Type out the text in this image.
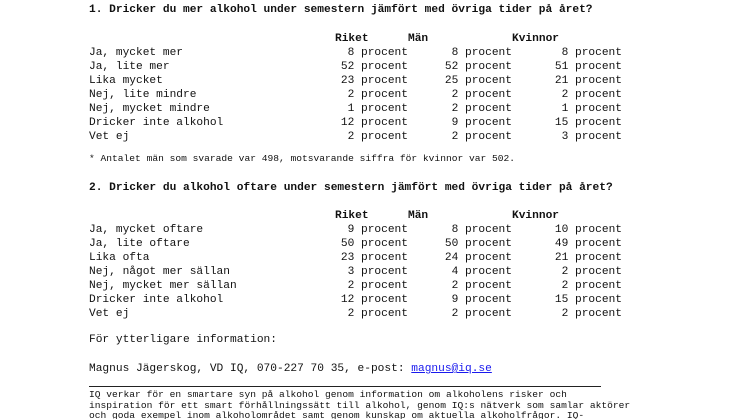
1. Dricker du mer alkohol under semestern jämfört med övriga tider på året?

	Riket	Män	Kvinnor
Ja, mycket mer	8 procent	8 procent	8 procent
Ja, lite mer	52 procent	52 procent	51 procent
Lika mycket	23 procent	25 procent	21 procent
Nej, lite mindre	2 procent	2 procent	2 procent
Nej, mycket mindre	1 procent	2 procent	1 procent
Dricker inte alkohol	12 procent	9 procent	15 procent
Vet ej	2 procent	2 procent	3 procent
* Antalet män som svarade var 498, motsvarande siffra för kvinnor var 502.

2. Dricker du alkohol oftare under semestern jämfört med övriga tider på året?

	Riket	Män	Kvinnor
Ja, mycket oftare	9 procent	8 procent	10 procent
Ja, lite oftare	50 procent	50 procent	49 procent
Lika ofta	23 procent	24 procent	21 procent
Nej, något mer sällan	3 procent	4 procent	2 procent
Nej, mycket mer sällan	2 procent	2 procent	2 procent
Dricker inte alkohol	12 procent	9 procent	15 procent
Vet ej	2 procent	2 procent	2 procent
För ytterligare information:
Magnus Jägerskog, VD IQ, 070-227 70 35, e-post: magnus@iq.se
IQ verkar för en smartare syn på alkohol genom information om alkoholens risker och
inspiration för ett smart förhållningssätt till alkohol, genom IQ:s nätverk som samlar aktörer
och goda exempel inom alkoholområdet samt genom kunskap om aktuella alkoholfrågor. IQ-
